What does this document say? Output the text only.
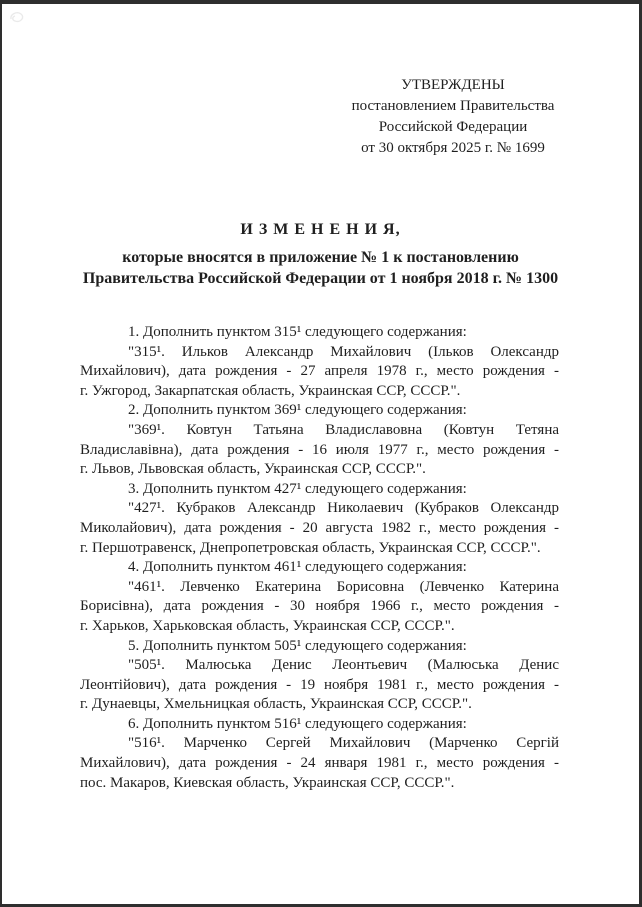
УТВЕРЖДЕНЫ
постановлением Правительства
Российской Федерации
от 30 октября 2025 г. № 1699
И З М Е Н Е Н И Я,
которые вносятся в приложение № 1 к постановлению
Правительства Российской Федерации от 1 ноября 2018 г. № 1300

1. Дополнить пунктом 315¹ следующего содержания:

"315¹. Ильков Александр Михайлович (Ільков Олександр Михайлович), дата рождения - 27 апреля 1978 г., место рождения - г. Ужгород, Закарпатская область, Украинская ССР, СССР.".

2. Дополнить пунктом 369¹ следующего содержания:

"369¹. Ковтун Татьяна Владиславовна (Ковтун Тетяна Владиславівна), дата рождения - 16 июля 1977 г., место рождения - г. Львов, Львовская область, Украинская ССР, СССР.".

3. Дополнить пунктом 427¹ следующего содержания:

"427¹. Кубраков Александр Николаевич (Кубраков Олександр Миколайович), дата рождения - 20 августа 1982 г., место рождения - г. Першотравенск, Днепропетровская область, Украинская ССР, СССР.".

4. Дополнить пунктом 461¹ следующего содержания:

"461¹. Левченко Екатерина Борисовна (Левченко Катерина Борисівна), дата рождения - 30 ноября 1966 г., место рождения - г. Харьков, Харьковская область, Украинская ССР, СССР.".

5. Дополнить пунктом 505¹ следующего содержания:

"505¹. Малюська Денис Леонтьевич (Малюська Денис Леонтійович), дата рождения - 19 ноября 1981 г., место рождения - г. Дунаевцы, Хмельницкая область, Украинская ССР, СССР.".

6. Дополнить пунктом 516¹ следующего содержания:

"516¹. Марченко Сергей Михайлович (Марченко Сергій Михайлович), дата рождения - 24 января 1981 г., место рождения - пос. Макаров, Киевская область, Украинская ССР, СССР.".
